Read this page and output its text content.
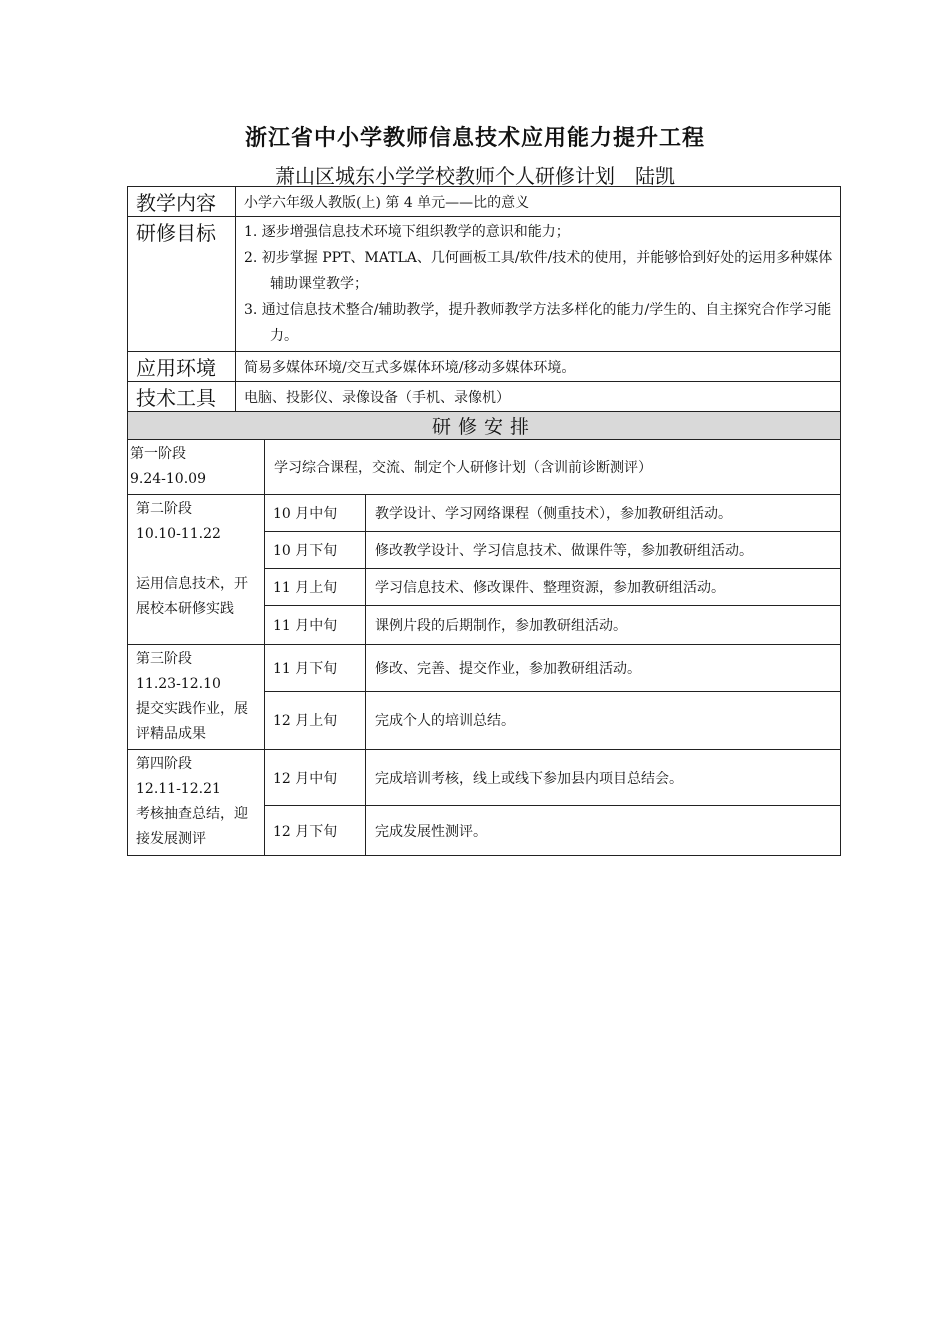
浙江省中小学教师信息技术应用能力提升工程
萧山区城东小学学校教师个人研修计划　陆凯
教学内容	小学六年级人教版(上) 第 4 单元——比的意义		
研修目标	1. 逐步增强信息技术环境下组织教学的意识和能力；
2. 初步掌握 PPT、MATLA、几何画板工具/软件/技术的使用，并能够恰到好处的运用多种媒体辅助课堂教学；
3. 通过信息技术整合/辅助教学，提升教师教学方法多样化的能力/学生的、自主探究合作学习能力。		

应用环境	简易多媒体环境/交互式多媒体环境/移动多媒体环境。		
技术工具	电脑、投影仪、录像设备（手机、录像机）		
研修安排			

第一阶段
9.24-10.09		学习综合课程，交流、制定个人研修计划（含训前诊断测评）	

第二阶段
10.10-11.22
运用信息技术，开展校本研修实践		10 月中旬	教学设计、学习网络课程（侧重技术），参加教研组活动。
		10 月下旬	修改教学设计、学习信息技术、做课件等，参加教研组活动。
		11 月上旬	学习信息技术、修改课件、整理资源，参加教研组活动。
		11 月中旬	课例片段的后期制作，参加教研组活动。

第三阶段
11.23-12.10
提交实践作业，展评精品成果		11 月下旬	修改、完善、提交作业，参加教研组活动。
		12 月上旬	完成个人的培训总结。

第四阶段
12.11-12.21
考核抽查总结，迎接发展测评		12 月中旬	完成培训考核，线上或线下参加县内项目总结会。
		12 月下旬	完成发展性测评。
